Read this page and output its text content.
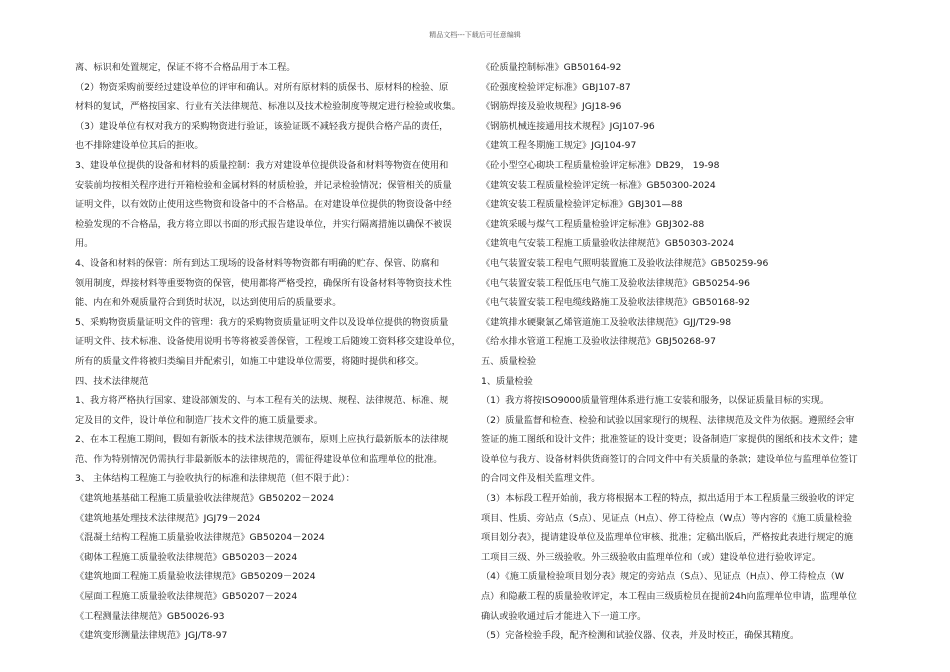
精品文档---下载后可任意编辑
离、标识和处置规定，保证不将不合格品用于本工程。
（2）物资采购前要经过建设单位的评审和确认。对所有原材料的质保书、原材料的检验、原
材料的复试，严格按国家、行业有关法律规范、标准以及技术检验制度等规定进行检验或收集。
（3）建设单位有权对我方的采购物资进行验证，该验证既不减轻我方提供合格产品的责任，
也不排除建设单位其后的拒收。
3、建设单位提供的设备和材料的质量控制：我方对建设单位提供设备和材料等物资在使用和
安装前均按相关程序进行开箱检验和金属材料的材质检验，并记录检验情况；保管相关的质量
证明文件，以有效防止使用这些物资和设备中的不合格品。在对建设单位提供的物资设备中经
检验发现的不合格品，我方将立即以书面的形式报告建设单位，并实行隔离措施以确保不被误
用。
4、设备和材料的保管：所有到达工现场的设备材料等物资都有明确的贮存、保管、防腐和
领用制度，焊接材料等重要物资的保管，使用都将严格受控，确保所有设备材料等物资技术性
能、内在和外观质量符合到货时状况，以达到使用后的质量要求。
5、采购物资质量证明文件的管理：我方的采购物资质量证明文件以及设单位提供的物资质量
证明文件、技术标准、设备使用说明书等将被妥善保管，工程竣工后随竣工资料移交建设单位，
所有的质量文件将被归类编目并配索引，如施工中建设单位需要，将随时提供和移交。
四、技术法律规范
1、我方将严格执行国家、建设部颁发的、与本工程有关的法规、规程、法律规范、标准、规
定及目的文件，设计单位和制造厂技术文件的施工质量要求。
2、在本工程施工期间，假如有新版本的技术法律规范颁布，原则上应执行最新版本的法律规
范、作为特别情况仍需执行非最新版本的法律规范的，需征得建设单位和监理单位的批准。
3、 主体结构工程施工与验收执行的标准和法律规范（但不限于此）：
《建筑地基基础工程施工质量验收法律规范》GB50202－2024
《建筑地基处理技术法律规范》JGJ79－2024
《混凝土结构工程施工质量验收法律规范》GB50204－2024
《砌体工程施工质量验收法律规范》GB50203－2024
《建筑地面工程施工质量验收法律规范》GB50209－2024
《屋面工程施工质量验收法律规范》GB50207－2024
《工程测量法律规范》GB50026-93
《建筑变形测量法律规范》JGJ/T8-97
《砼质量控制标准》GB50164-92
《砼强度检验评定标准》GBJ107-87
《钢筋焊接及验收规程》JGJ18-96
《钢筋机械连接通用技术规程》JGJ107-96
《建筑工程冬期施工规定》JGJ104-97
《砼小型空心砌块工程质量检验评定标准》DB29， 19-98
《建筑安装工程质量检验评定统一标准》GB50300-2024
《建筑安装工程质量检验评定标准》GBJ301—88
《建筑采暖与煤气工程质量检验评定标准》GBJ302-88
《建筑电气安装工程施工质量验收法律规范》GB50303-2024
《电气装置安装工程电气照明装置施工及验收法律规范》GB50259-96
《电气装置安装工程低压电气施工及验收法律规范》GB50254-96
《电气装置安装工程电缆线路施工及验收法律规范》GB50168-92
《建筑排水硬聚氯乙烯管道施工及验收法律规范》GJJ/T29-98
《给水排水管道工程施工及验收法律规范》GBJ50268-97
五、质量检验
1、质量检验
（1）我方将按ISO9000质量管理体系进行施工安装和服务，以保证质量目标的实现。
（2）质量监督和检查、检验和试验以国家现行的规程、法律规范及文件为依据。遵照经会审
签证的施工图纸和设计文件；批准签证的设计变更；设备制造厂家提供的图纸和技术文件；建
设单位与我方、设备材料供货商签订的合同文件中有关质量的条款；建设单位与监理单位签订
的合同文件及相关监理文件。
（3）本标段工程开始前，我方将根据本工程的特点，拟出适用于本工程质量三级验收的评定
项目、性质、旁站点（S点）、见证点（H点）、停工待检点（W点）等内容的《施工质量检验
项目划分表》，提请建设单位及监理单位审核、批准；定稿出版后，严格按此表进行规定的施
工项目三级、外三级验收。外三级验收由监理单位和（或）建设单位进行验收评定。
（4）《施工质量检验项目划分表》规定的旁站点（S点）、见证点（H点）、停工待检点（W
点）和隐蔽工程的质量验收评定，本工程由三级质检员在提前24h向监理单位申请，监理单位
确认或验收通过后才能进入下一道工序。
（5）完备检验手段，配齐检测和试验仪器、仪表，并及时校正，确保其精度。
